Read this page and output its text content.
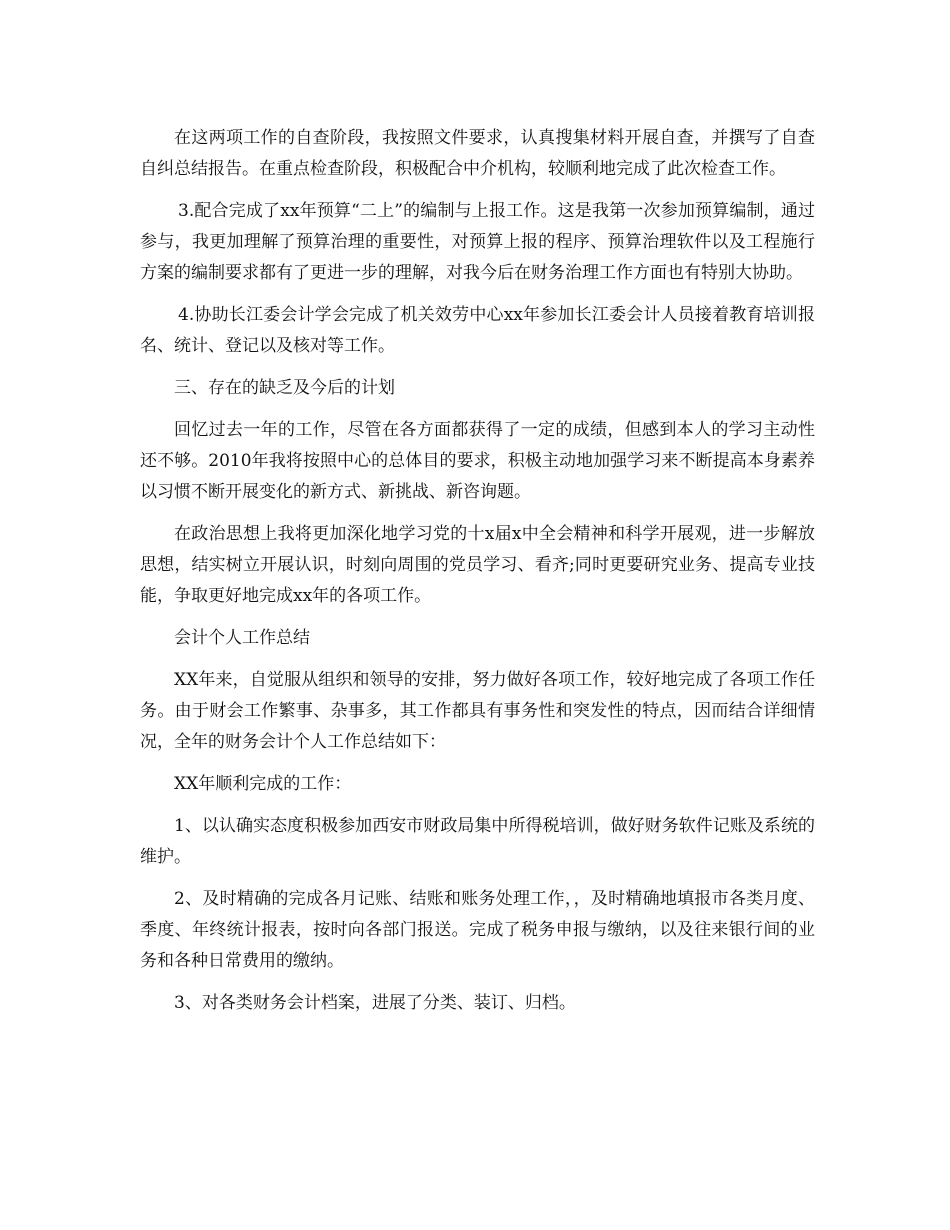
在这两项工作的自查阶段，我按照文件要求，认真搜集材料开展自查，并撰写了自查自纠总结报告。在重点检查阶段，积极配合中介机构，较顺利地完成了此次检查工作。

3.配合完成了xx年预算“二上”的编制与上报工作。这是我第一次参加预算编制，通过参与，我更加理解了预算治理的重要性，对预算上报的程序、预算治理软件以及工程施行方案的编制要求都有了更进一步的理解，对我今后在财务治理工作方面也有特别大协助。

4.协助长江委会计学会完成了机关效劳中心xx年参加长江委会计人员接着教育培训报名、统计、登记以及核对等工作。

三、存在的缺乏及今后的计划

回忆过去一年的工作，尽管在各方面都获得了一定的成绩，但感到本人的学习主动性还不够。2010年我将按照中心的总体目的要求，积极主动地加强学习来不断提高本身素养以习惯不断开展变化的新方式、新挑战、新咨询题。

在政治思想上我将更加深化地学习党的十x届x中全会精神和科学开展观，进一步解放思想，结实树立开展认识，时刻向周围的党员学习、看齐;同时更要研究业务、提高专业技能，争取更好地完成xx年的各项工作。

会计个人工作总结

XX年来，自觉服从组织和领导的安排，努力做好各项工作，较好地完成了各项工作任务。由于财会工作繁事、杂事多，其工作都具有事务性和突发性的特点，因而结合详细情况，全年的财务会计个人工作总结如下：

XX年顺利完成的工作：

1、以认确实态度积极参加西安市财政局集中所得税培训，做好财务软件记账及系统的维护。

2、及时精确的完成各月记账、结账和账务处理工作，，及时精确地填报市各类月度、季度、年终统计报表，按时向各部门报送。完成了税务申报与缴纳，以及往来银行间的业务和各种日常费用的缴纳。

3、对各类财务会计档案，进展了分类、装订、归档。
